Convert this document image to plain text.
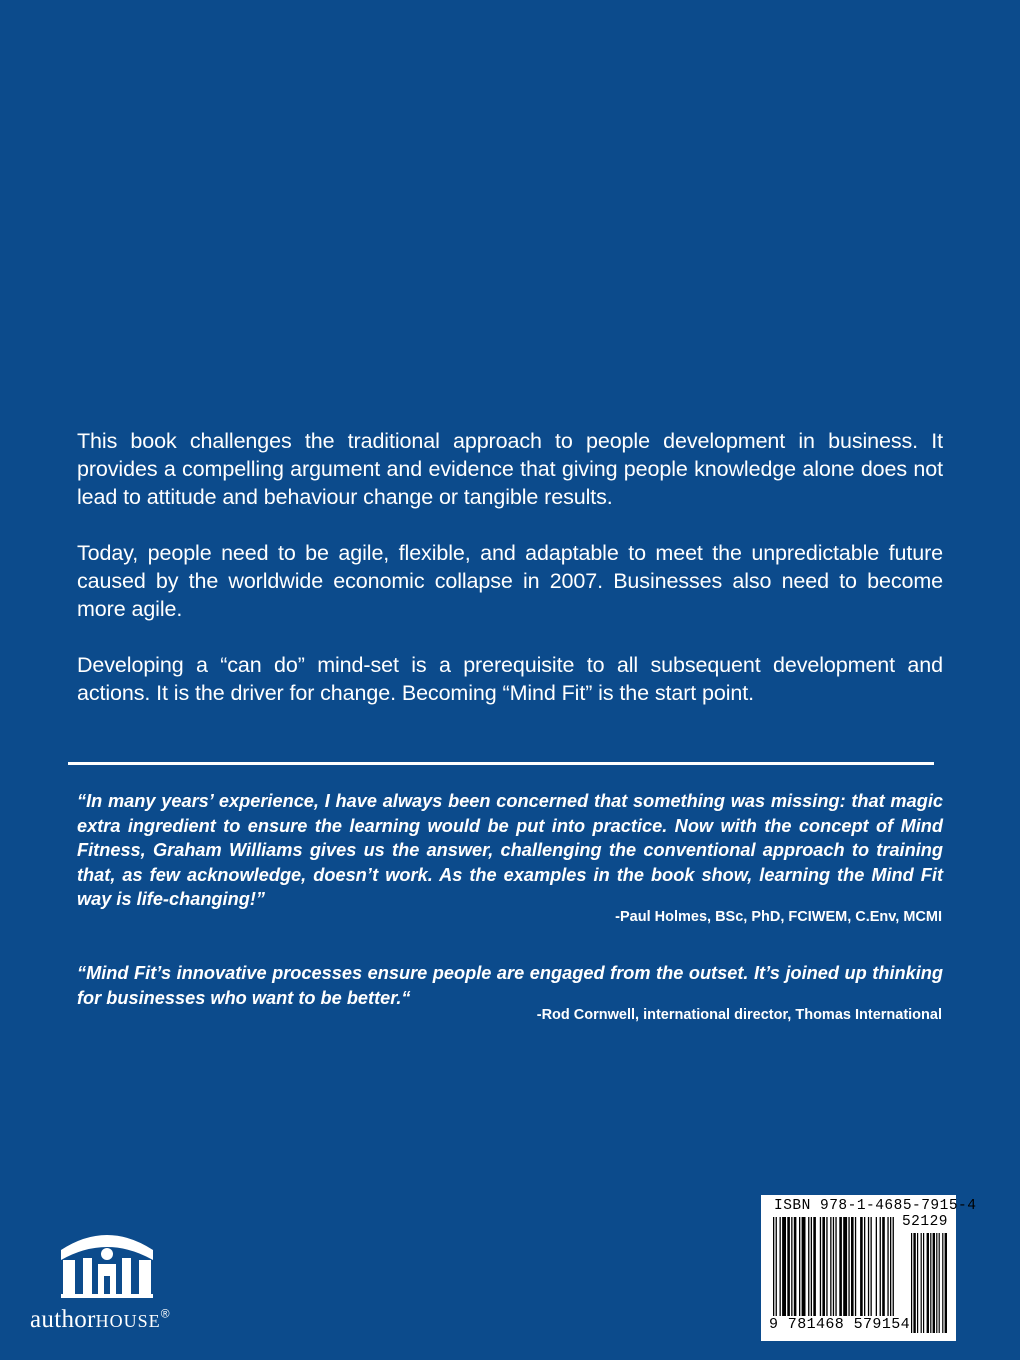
This book challenges the traditional approach to people development in business. It provides a compelling argument and evidence that giving people knowledge alone does not lead to attitude and behaviour change or tangible results.

Today, people need to be agile, flexible, and adaptable to meet the unpredictable future caused by the worldwide economic collapse in 2007. Businesses also need to become more agile.

Developing a “can do” mind-set is a prerequisite to all subsequent development and actions. It is the driver for change. Becoming “Mind Fit” is the start point.

“In many years’ experience, I have always been concerned that something was missing: that magic extra ingredient to ensure the learning would be put into practice. Now with the concept of Mind Fitness, Graham Williams gives us the answer, challenging the conventional approach to training that, as few acknowledge, doesn’t work. As the examples in the book show, learning the Mind Fit way is life-changing!”
-Paul Holmes, BSc, PhD, FCIWEM, C.Env, MCMI
“Mind Fit’s innovative processes ensure people are engaged from the outset. It’s joined up thinking for businesses who want to be better.“
-Rod Cornwell, international director, Thomas International
authorHOUSE®
ISBN 978-1-4685-7915-4
52129
9 781468 579154
